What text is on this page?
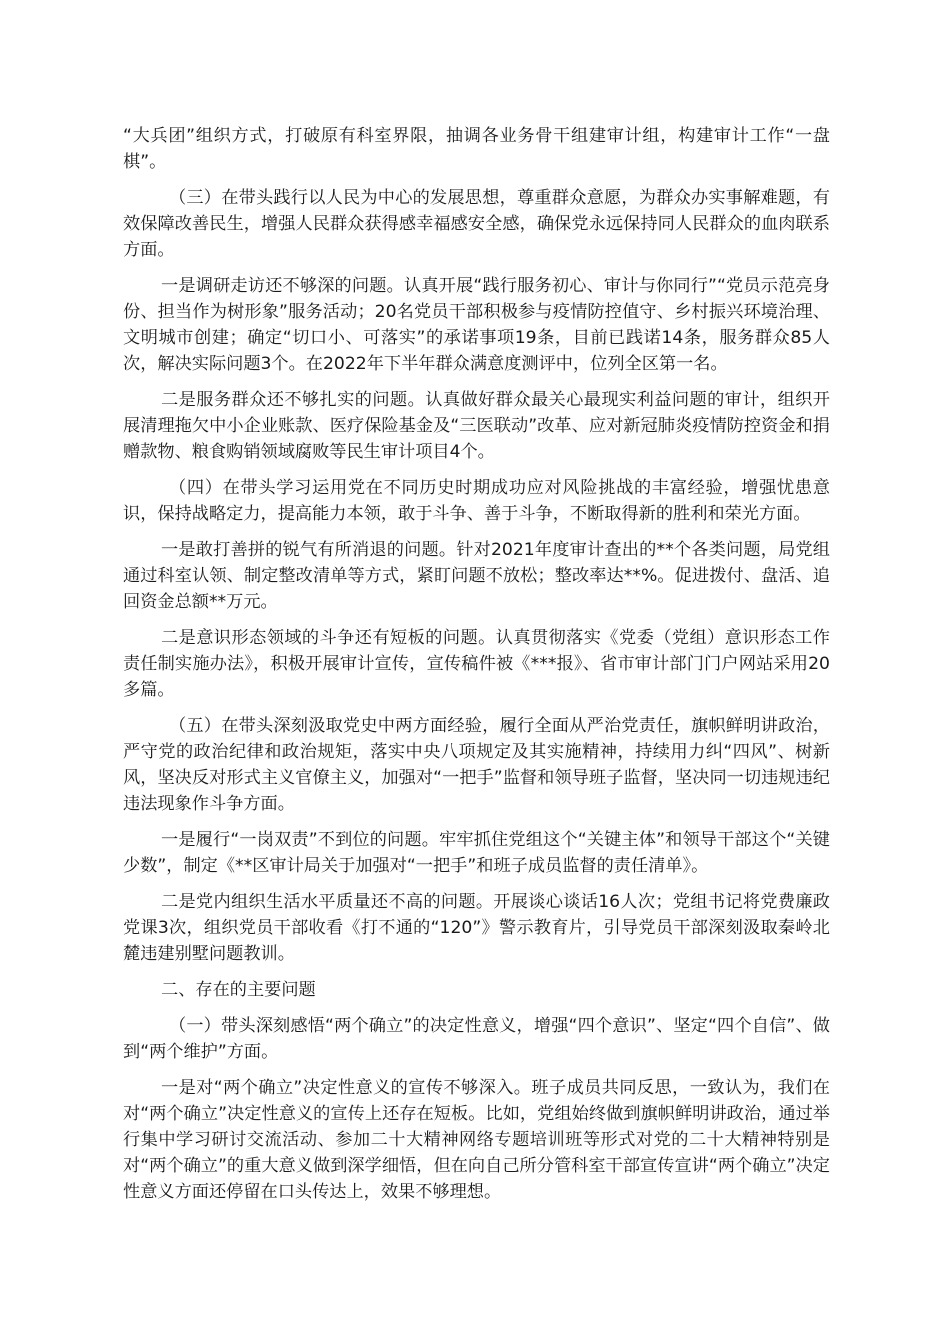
“大兵团”组织方式，打破原有科室界限，抽调各业务骨干组建审计组，构建审计工作“一盘棋”。

（三）在带头践行以人民为中心的发展思想，尊重群众意愿，为群众办实事解难题，有效保障改善民生，增强人民群众获得感幸福感安全感，确保党永远保持同人民群众的血肉联系方面。

一是调研走访还不够深的问题。认真开展“践行服务初心、审计与你同行”“党员示范亮身份、担当作为树形象”服务活动；20名党员干部积极参与疫情防控值守、乡村振兴环境治理、文明城市创建；确定“切口小、可落实”的承诺事项19条，目前已践诺14条，服务群众85人次，解决实际问题3个。在2022年下半年群众满意度测评中，位列全区第一名。

二是服务群众还不够扎实的问题。认真做好群众最关心最现实利益问题的审计，组织开展清理拖欠中小企业账款、医疗保险基金及“三医联动”改革、应对新冠肺炎疫情防控资金和捐赠款物、粮食购销领域腐败等民生审计项目4个。

（四）在带头学习运用党在不同历史时期成功应对风险挑战的丰富经验，增强忧患意识，保持战略定力，提高能力本领，敢于斗争、善于斗争，不断取得新的胜利和荣光方面。

一是敢打善拼的锐气有所消退的问题。针对2021年度审计查出的**个各类问题，局党组通过科室认领、制定整改清单等方式，紧盯问题不放松；整改率达**%。促进拨付、盘活、追回资金总额**万元。

二是意识形态领域的斗争还有短板的问题。认真贯彻落实《党委（党组）意识形态工作责任制实施办法》，积极开展审计宣传，宣传稿件被《***报》、省市审计部门门户网站采用20多篇。

（五）在带头深刻汲取党史中两方面经验，履行全面从严治党责任，旗帜鲜明讲政治，严守党的政治纪律和政治规矩，落实中央八项规定及其实施精神，持续用力纠“四风”、树新风，坚决反对形式主义官僚主义，加强对“一把手”监督和领导班子监督，坚决同一切违规违纪违法现象作斗争方面。

一是履行“一岗双责”不到位的问题。牢牢抓住党组这个“关键主体”和领导干部这个“关键少数”，制定《**区审计局关于加强对“一把手”和班子成员监督的责任清单》。

二是党内组织生活水平质量还不高的问题。开展谈心谈话16人次；党组书记将党费廉政党课3次，组织党员干部收看《打不通的“120”》警示教育片，引导党员干部深刻汲取秦岭北麓违建别墅问题教训。

二、存在的主要问题

（一）带头深刻感悟“两个确立”的决定性意义，增强“四个意识”、坚定“四个自信”、做到“两个维护”方面。

一是对“两个确立”决定性意义的宣传不够深入。班子成员共同反思，一致认为，我们在对“两个确立”决定性意义的宣传上还存在短板。比如，党组始终做到旗帜鲜明讲政治，通过举行集中学习研讨交流活动、参加二十大精神网络专题培训班等形式对党的二十大精神特别是对“两个确立”的重大意义做到深学细悟，但在向自己所分管科室干部宣传宣讲“两个确立”决定性意义方面还停留在口头传达上，效果不够理想。
